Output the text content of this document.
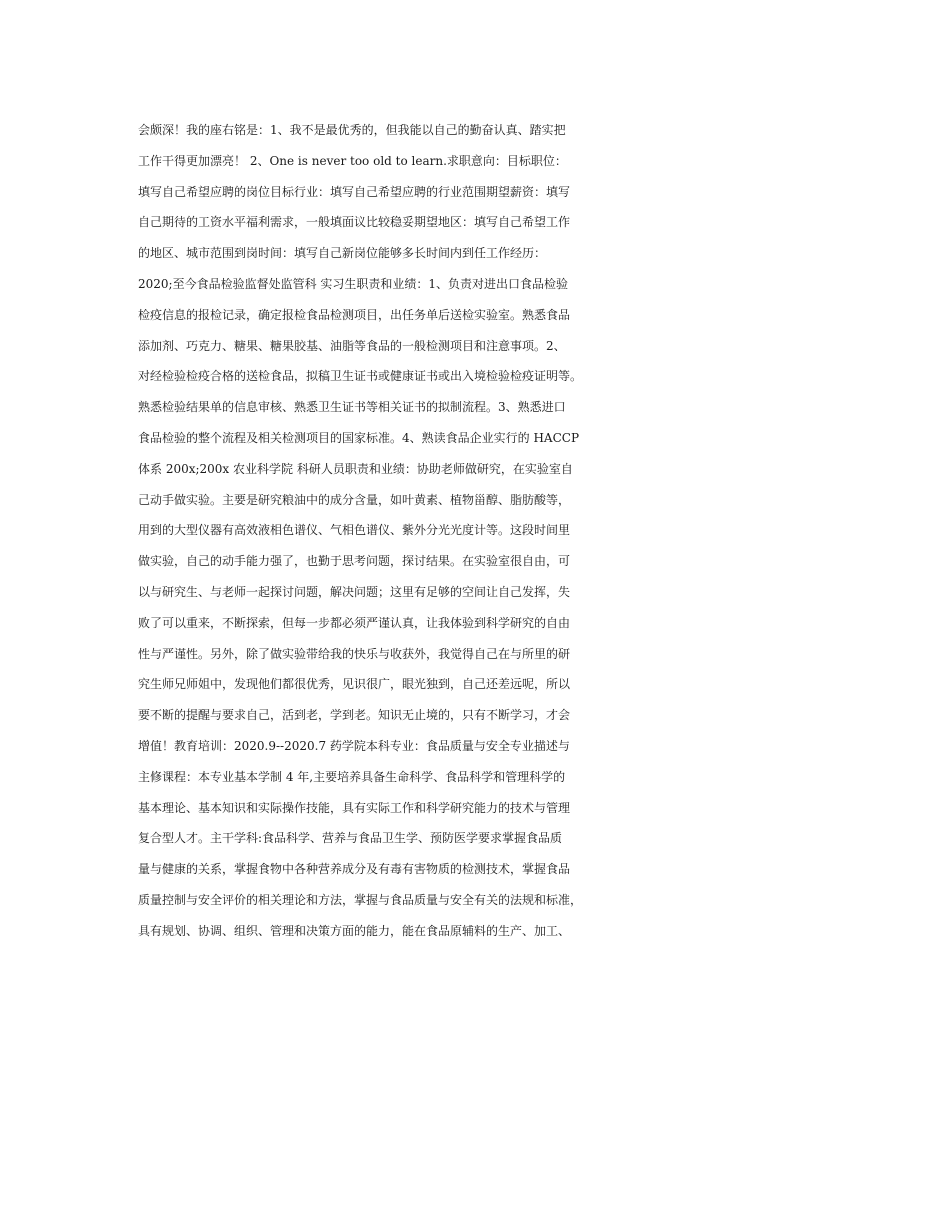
会颇深！我的座右铭是：1、我不是最优秀的，但我能以自己的勤奋认真、踏实把
工作干得更加漂亮！ 2、One is never too old to learn.求职意向：目标职位：
填写自己希望应聘的岗位目标行业：填写自己希望应聘的行业范围期望薪资：填写
自己期待的工资水平福利需求，一般填面议比较稳妥期望地区：填写自己希望工作
的地区、城市范围到岗时间：填写自己新岗位能够多长时间内到任工作经历：
2020;至今食品检验监督处监管科 实习生职责和业绩：1、负责对进出口食品检验
检疫信息的报检记录，确定报检食品检测项目，出任务单后送检实验室。熟悉食品
添加剂、巧克力、糖果、糖果胶基、油脂等食品的一般检测项目和注意事项。2、
对经检验检疫合格的送检食品，拟稿卫生证书或健康证书或出入境检验检疫证明等。
熟悉检验结果单的信息审核、熟悉卫生证书等相关证书的拟制流程。3、熟悉进口
食品检验的整个流程及相关检测项目的国家标准。4、熟读食品企业实行的 HACCP
体系 200x;200x 农业科学院 科研人员职责和业绩：协助老师做研究，在实验室自
己动手做实验。主要是研究粮油中的成分含量，如叶黄素、植物甾醇、脂肪酸等，
用到的大型仪器有高效液相色谱仪、气相色谱仪、紫外分光光度计等。这段时间里
做实验，自己的动手能力强了，也勤于思考问题，探讨结果。在实验室很自由，可
以与研究生、与老师一起探讨问题，解决问题；这里有足够的空间让自己发挥，失
败了可以重来，不断探索，但每一步都必须严谨认真，让我体验到科学研究的自由
性与严谨性。另外，除了做实验带给我的快乐与收获外，我觉得自己在与所里的研
究生师兄师姐中，发现他们都很优秀，见识很广，眼光独到，自己还差远呢，所以
要不断的提醒与要求自己，活到老，学到老。知识无止境的，只有不断学习，才会
增值！教育培训：2020.9--2020.7 药学院本科专业：食品质量与安全专业描述与
主修课程：本专业基本学制 4 年,主要培养具备生命科学、食品科学和管理科学的
基本理论、基本知识和实际操作技能，具有实际工作和科学研究能力的技术与管理
复合型人才。主干学科:食品科学、营养与食品卫生学、预防医学要求掌握食品质
量与健康的关系，掌握食物中各种营养成分及有毒有害物质的检测技术，掌握食品
质量控制与安全评价的相关理论和方法，掌握与食品质量与安全有关的法规和标准，
具有规划、协调、组织、管理和决策方面的能力，能在食品原辅料的生产、加工、
